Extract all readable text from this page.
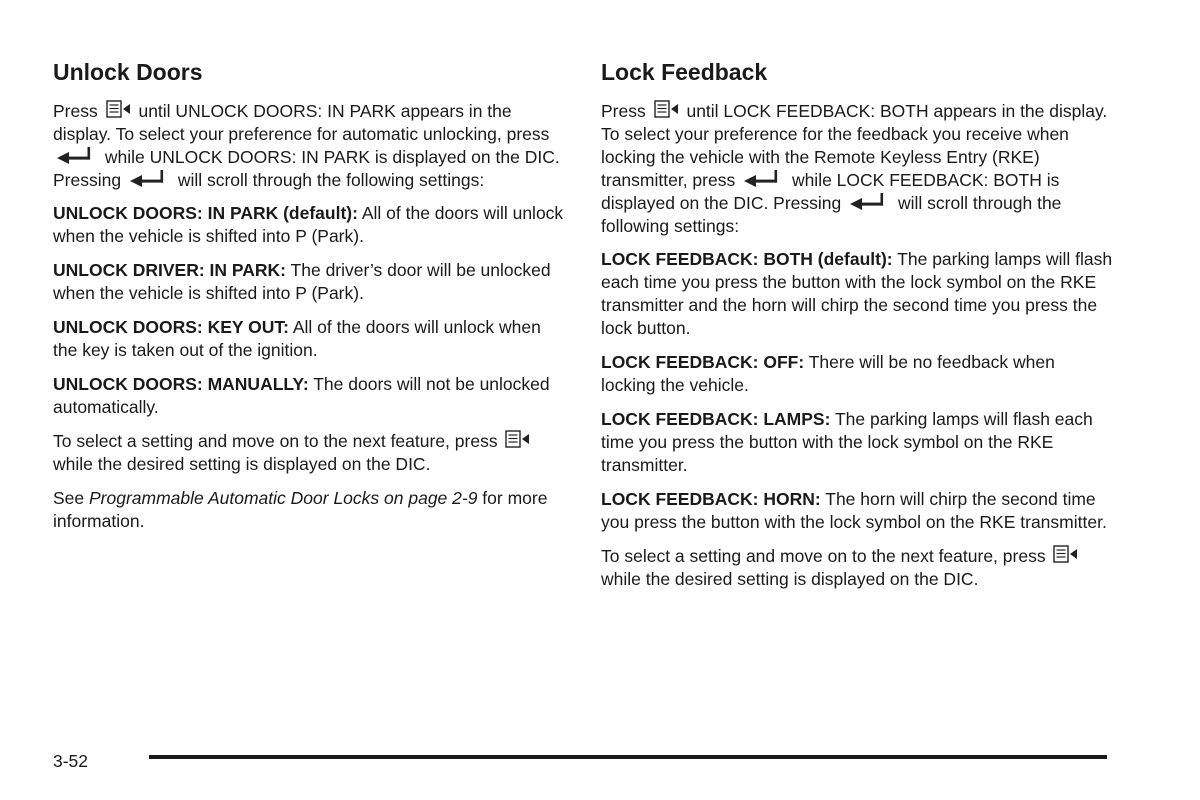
Unlock Doors

Press
until UNLOCK DOORS: IN PARK appears in the display. To select your preference for automatic unlocking, press
while UNLOCK DOORS: IN PARK is displayed on the DIC. Pressing	will scroll through the following settings:

UNLOCK DOORS: IN PARK (default): All of the doors will unlock when the vehicle is shifted into P (Park).

UNLOCK DRIVER: IN PARK: The driver’s door will be unlocked when the vehicle is shifted into P (Park).

UNLOCK DOORS: KEY OUT: All of the doors will unlock when the key is taken out of the ignition.

UNLOCK DOORS: MANUALLY: The doors will not be unlocked automatically.

To select a setting and move on to the next feature, press
while the desired setting is displayed on the DIC.

See Programmable Automatic Door Locks on page 2-9 for more information.

Lock Feedback

Press
until LOCK FEEDBACK: BOTH appears in the display. To select your preference for the feedback you receive when locking the vehicle with the Remote Keyless Entry (RKE) transmitter, press	while LOCK FEEDBACK: BOTH is displayed on the DIC. Pressing	will scroll through the following settings:

LOCK FEEDBACK: BOTH (default): The parking lamps will flash each time you press the button with the lock symbol on the RKE transmitter and the horn will chirp the second time you press the lock button.

LOCK FEEDBACK: OFF: There will be no feedback when locking the vehicle.

LOCK FEEDBACK: LAMPS: The parking lamps will flash each time you press the button with the lock symbol on the RKE transmitter.

LOCK FEEDBACK: HORN: The horn will chirp the second time you press the button with the lock symbol on the RKE transmitter.

To select a setting and move on to the next feature, press
while the desired setting is displayed on the DIC.

3-52
